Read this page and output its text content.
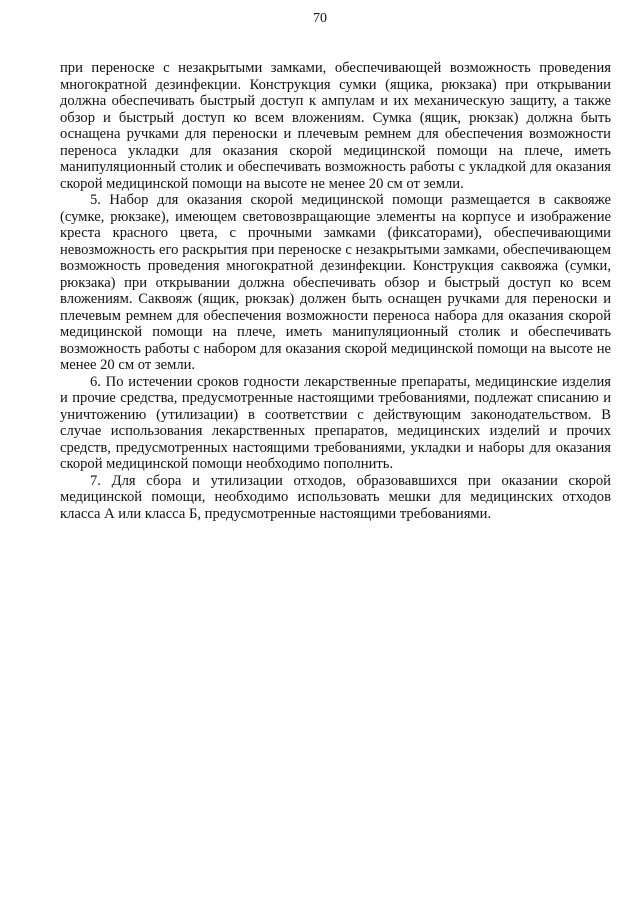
70

при переноске с незакрытыми замками, обеспечивающей возможность проведения многократной дезинфекции. Конструкция сумки (ящика, рюкзака) при открывании должна обеспечивать быстрый доступ к ампулам и их механическую защиту, а также обзор и быстрый доступ ко всем вложениям. Сумка (ящик, рюкзак) должна быть оснащена ручками для переноски и плечевым ремнем для обеспечения возможности переноса укладки для оказания скорой медицинской помощи на плече, иметь манипуляционный столик и обеспечивать возможность работы с укладкой для оказания скорой медицинской помощи на высоте не менее 20 см от земли.

5. Набор для оказания скорой медицинской помощи размещается в саквояже (сумке, рюкзаке), имеющем световозвращающие элементы на корпусе и изображение креста красного цвета, с прочными замками (фиксаторами), обеспечивающими невозможность его раскрытия при переноске с незакрытыми замками, обеспечивающем возможность проведения многократной дезинфекции. Конструкция саквояжа (сумки, рюкзака) при открывании должна обеспечивать обзор и быстрый доступ ко всем вложениям. Саквояж (ящик, рюкзак) должен быть оснащен ручками для переноски и плечевым ремнем для обеспечения возможности переноса набора для оказания скорой медицинской помощи на плече, иметь манипуляционный столик и обеспечивать возможность работы с набором для оказания скорой медицинской помощи на высоте не менее 20 см от земли.

6. По истечении сроков годности лекарственные препараты, медицинские изделия и прочие средства, предусмотренные настоящими требованиями, подлежат списанию и уничтожению (утилизации) в соответствии с действующим законодательством. В случае использования лекарственных препаратов, медицинских изделий и прочих средств, предусмотренных настоящими требованиями, укладки и наборы для оказания скорой медицинской помощи необходимо пополнить.

7. Для сбора и утилизации отходов, образовавшихся при оказании скорой медицинской помощи, необходимо использовать мешки для медицинских отходов класса А или класса Б, предусмотренные настоящими требованиями.
